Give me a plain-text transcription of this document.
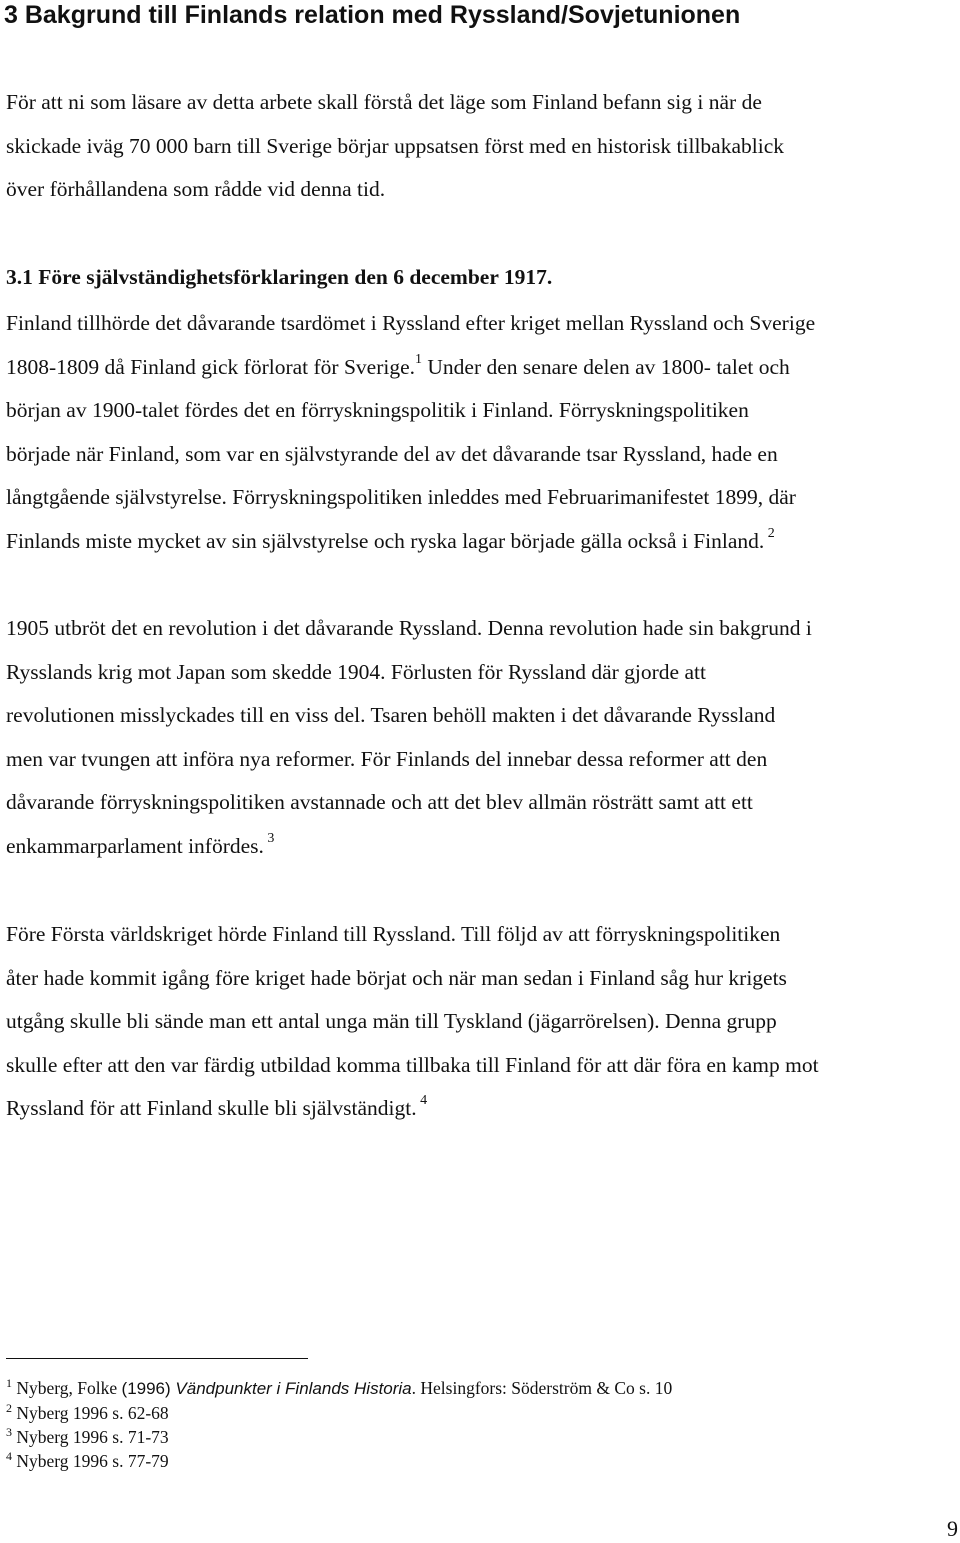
3 Bakgrund till Finlands relation med Ryssland/Sovjetunionen

För att ni som läsare av detta arbete skall förstå det läge som Finland befann sig i när de
skickade iväg 70 000 barn till Sverige börjar uppsatsen först med en historisk tillbakablick
över förhållandena som rådde vid denna tid.

3.1 Före självständighetsförklaringen den 6 december 1917.

Finland tillhörde det dåvarande tsardömet i Ryssland efter kriget mellan Ryssland och Sverige
1808-1809 då Finland gick förlorat för Sverige.$^1$ Under den senare delen av 1800- talet och
början av 1900-talet fördes det en förryskningspolitik i Finland. Förryskningspolitiken
började när Finland, som var en självstyrande del av det dåvarande tsar Ryssland, hade en
långtgående självstyrelse. Förryskningspolitiken inleddes med Februarimanifestet 1899, där
Finlands miste mycket av sin självstyrelse och ryska lagar började gälla också i Finland. $^2$

1905 utbröt det en revolution i det dåvarande Ryssland. Denna revolution hade sin bakgrund i
Rysslands krig mot Japan som skedde 1904. Förlusten för Ryssland där gjorde att
revolutionen misslyckades till en viss del. Tsaren behöll makten i det dåvarande Ryssland
men var tvungen att införa nya reformer. För Finlands del innebar dessa reformer att den
dåvarande förryskningspolitiken avstannade och att det blev allmän rösträtt samt att ett
enkammarparlament infördes. $^3$

Före Första världskriget hörde Finland till Ryssland. Till följd av att förryskningspolitiken
åter hade kommit igång före kriget hade börjat och när man sedan i Finland såg hur krigets
utgång skulle bli sände man ett antal unga män till Tyskland (jägarrörelsen). Denna grupp
skulle efter att den var färdig utbildad komma tillbaka till Finland för att där föra en kamp mot
Ryssland för att Finland skulle bli självständigt. $^4$

$^1$ Nyberg, Folke (1996) Vändpunkter i Finlands Historia. Helsingfors: Söderström & Co s. 10
$^2$ Nyberg 1996 s. 62-68
$^3$ Nyberg 1996 s. 71-73
$^4$ Nyberg 1996 s. 77-79
9
